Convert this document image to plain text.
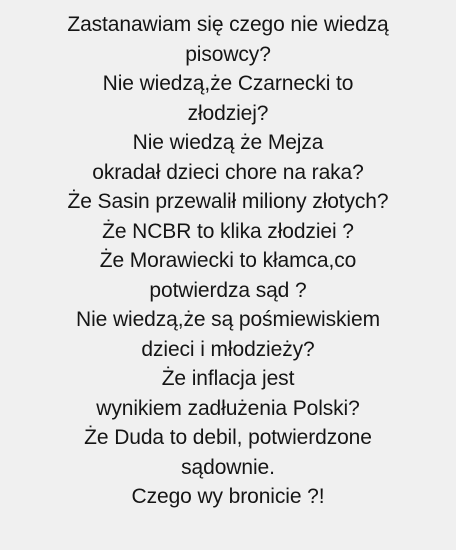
Zastanawiam się czego nie wiedzą
pisowcy?
Nie wiedzą,że Czarnecki to
złodziej?
Nie wiedzą że Mejza
okradał dzieci chore na raka?
Że Sasin przewalił miliony złotych?
Że NCBR to klika złodziei ?
Że Morawiecki to kłamca,co
potwierdza sąd ?
Nie wiedzą,że są pośmiewiskiem
dzieci i młodzieży?
Że inflacja jest
wynikiem zadłużenia Polski?
Że Duda to debil, potwierdzone
sądownie.
Czego wy bronicie ?!
